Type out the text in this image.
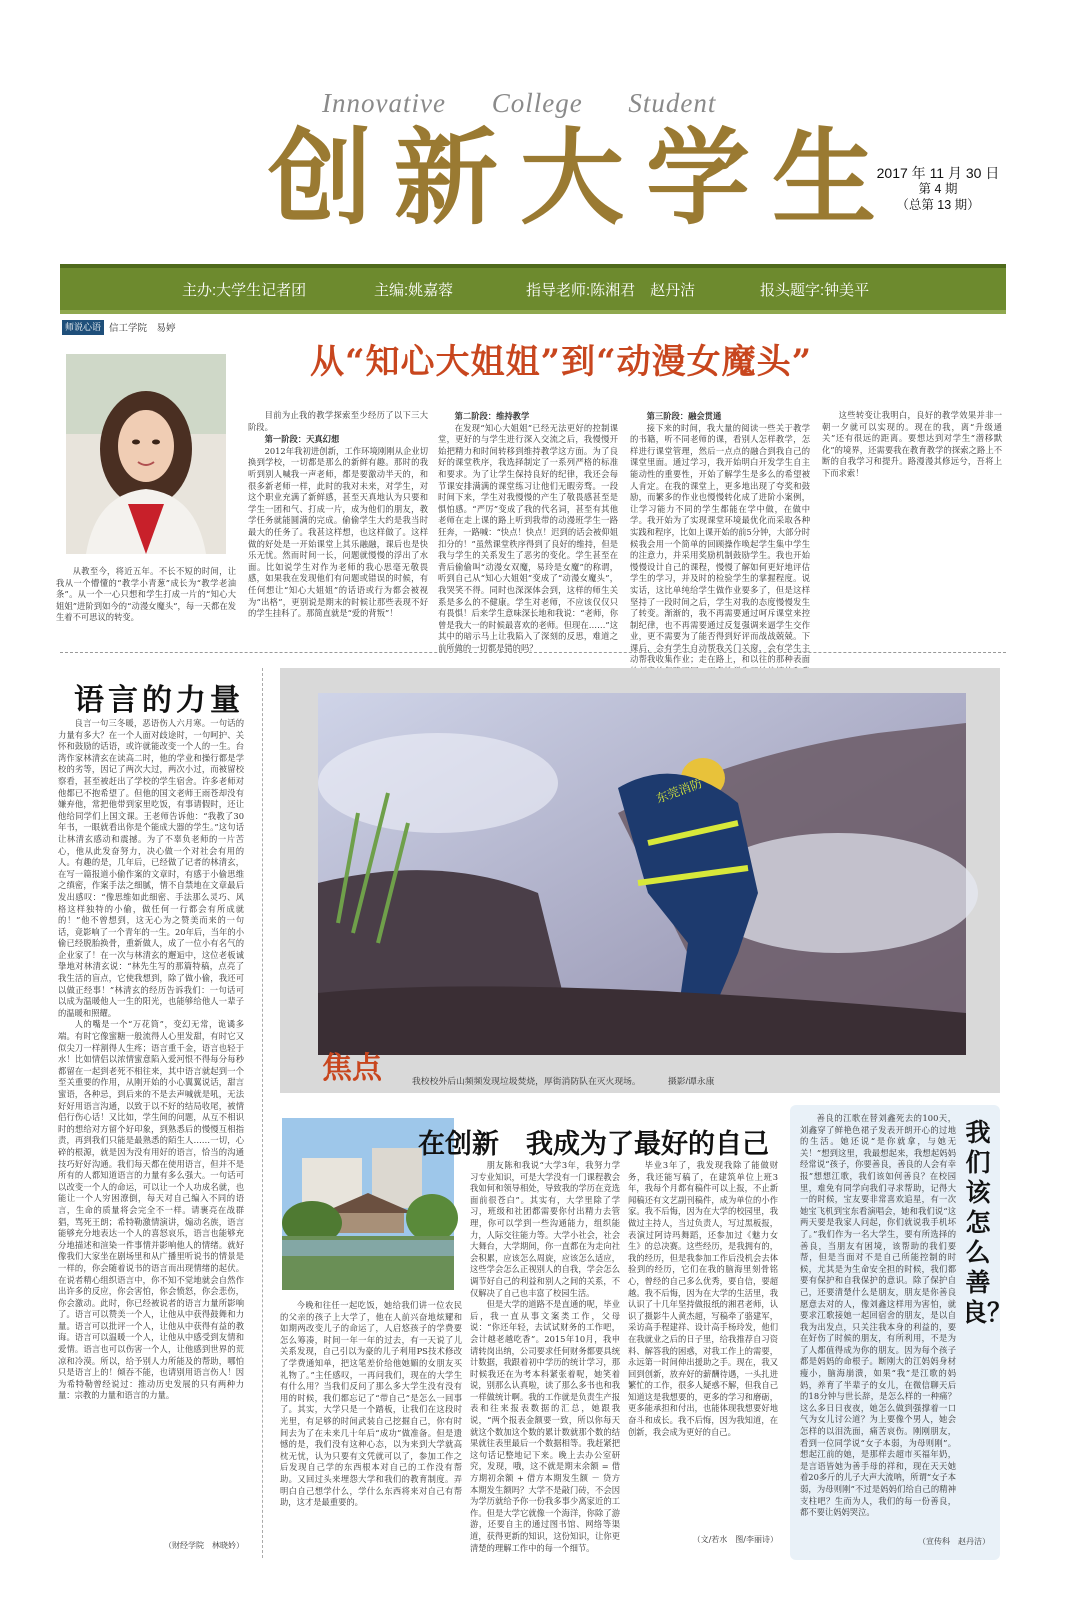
Innovative College Student
创新大学生
2017 年 11 月 30 日
第 4 期
（总第 13 期）
主办:大学生记者团	主编:姚嘉蓉	指导老师:陈湘君　赵丹洁	报头题字:钟美平
师说心语 信工学院　易婷
从“知心大姐姐”到“动漫女魔头”

从教至今，将近五年。不长不短的时间，让我从一个懵懂的“教学小青葱”成长为“教学老油条”。从一个一心只想和学生打成一片的“知心大姐姐”进阶到如今的“动漫女魔头”，每一天都在发生着不可思议的转变。

目前为止我的教学探索至少经历了以下三大阶段。

第一阶段：天真幻想

2012年我初进创新，工作环境刚刚从企业切换到学校，一切都是那么的新鲜有趣。那时的我听到别人喊我一声老师，都是要激动半天的，和很多新老师一样，此时的我对未来，对学生，对这个职业充满了新鲜感，甚至天真地认为只要和学生一团和气、打成一片，成为他们的朋友，教学任务就能圆满的完成。偷偷学生大约是我当时最大的任务了。我甚这样想，也这样做了。这样做的好处是一开始课堂上其乐融融，课后也是快乐无忧。然而时间一长，问题就慢慢的浮出了水面。比如说学生对作为老师的我心思毫无敬畏感，如果我在发现他们有问题或错误的时候，有任何想让“知心大姐姐”的话语或行为都会被视为“出格”，更别说是期末的时候让那些表现不好的学生挂科了。那简直就是“爱的背叛”！

第二阶段：维持教学

在发现“知心大姐姐”已经无法更好的控制课堂，更好的与学生进行深入交流之后，我慢慢开始把精力和时间转移到维持教学这方面。为了良好的课堂秩序，我选择制定了一系列严格的标准和要求。为了让学生保持良好的纪律，我还会每节课安排满满的课堂练习让他们无暇旁骛。一段时间下来，学生对我慢慢的产生了敬畏感甚至是惧怕感。“严厉”变成了我的代名词，甚至有其他老师在走上课的路上听到我带的动漫班学生一路狂奔，一路喊：“快点！快点！迟到的话会被仰姐扣分的！”虽然课堂秩序得到了良好的维持，但是我与学生的关系发生了恶劣的变化。学生甚至在背后偷偷叫“动漫女双魔，易玲是女魔”的称谓，听到自己从“知心大姐姐”变成了“动漫女魔头”，我哭笑不得。同时也深深体会到，这样的师生关系是多么的不健康。学生对老师，不应该仅仅只有畏惧！后来学生意味深长地和我说：“老师，你曾是我大一的时候最喜欢的老师。但现在……”这其中的暗示马上让我陷入了深刻的反思，难道之前所做的一切都是错的吗？

第三阶段：融会贯通

接下来的时间，我大量的阅读一些关于教学的书籍，听不同老师的课，看别人怎样教学，怎样进行课堂管理，然后一点点的融合到我自己的课堂里面。通过学习，我开始明白开发学生自主能动性的重要性，开始了解学生是多么的希望被人肯定。在我的课堂上，更多地出现了夸奖和鼓励，而繁多的作业也慢慢转化成了进阶小案例，让学习能力不同的学生都能在学中做，在做中学。我开始为了实现课堂环境最优化而采取各种实践和程序，比如上课开始的前5分钟，大部分时候我会用一个简单的回顾操作唤起学生集中学生的注意力，并采用奖励机制鼓励学生。我也开始慢慢设计自己的课程，慢慢了解如何更好地评估学生的学习，并及时的检验学生的掌握程度。说实话，这比单纯给学生做作业要多了，但是这样坚持了一段时间之后，学生对我的态度慢慢发生了转变。渐渐的，我不再需要通过呵斥课堂来控制纪律，也不再需要通过反复强调来逼学生交作业，更不需要为了能否得到好评而战战兢兢。下课后，会有学生自动帮我关门关窗，会有学生主动帮我收集作业；走在路上，和以往的那种表面

这些转变让我明白，良好的教学效果并非一朝一夕就可以实现的。现在的我，离“升级通关”还有很远的距离。要想达到对学生“潜移默化”的境界，还需要我在教育教学的探索之路上不断的自我学习和提升。路漫漫其修远兮，吾将上下而求索！

语言的力量

良言一句三冬暖，恶语伤人六月寒。一句话的力量有多大？在一个人面对歧途时，一句呵护、关怀和鼓励的话语，或许就能改变一个人的一生。台湾作家林清玄在读高二时，他的学业和操行都是学校的劣等，因记了两次大过，两次小过，而被留校察看，甚至被赶出了学校的学生宿舍。许多老师对他都已不抱希望了。但他的国文老师王雨苍却没有嫌弃他，常把他带到家里吃饭，有事请假时，还让他给同学们上国文课。王老师告诉他：“我教了30年书，一眼就看出你是个能成大器的学生。”这句话让林清玄感动和震撼。为了不辜负老师的一片苦心，他从此发奋努力，决心做一个对社会有用的人。有趣的是，几年后，已经做了记者的林清玄，在写一篇报道小偷作案的文章时，有感于小偷思维之缜密，作案手法之细腻，情不自禁地在文章最后发出感叹：“像思维如此细密、手法那么灵巧、风格这样独特的小偷，做任何一行都会有所成就的！”他不曾想到，这无心为之赞美而来的一句话，竟影响了一个青年的一生。20年后，当年的小偷已经脱胎换骨，重新做人，成了一位小有名气的企业家了！在一次与林清玄的邂逅中，这位老板诚挚地对林清玄说：“林先生写的那篇特稿，点亮了我生活的盲点，它使我想到，除了做小偷，我还可以做正经事！”林清玄的经历告诉我们：一句话可以成为温暖他人一生的阳光，也能够给他人一辈子的温暖和照耀。

人的嘴是一个“万花筒”，变幻无常，诡谲多端。有时它像蜜糖一般流得人心里发甜，有时它又似尖刀一样割得人生疼；语言重千金，语言也轻于水！比如情侣以浓情蜜意陷入爱河恨不得每分每秒都留在一起到老死不相往来，其中语言就起到一个至关重要的作用，从刚开始的小心翼翼说话，甜言蜜语，各种忌，到后来的不是去声喊就是吼，无法好好用语言沟通，以致于以不好的结局收尾，被情侣行伤心话！又比如，学生间的问题，从互不相识时的想给对方留个好印象，到熟悉后的慢慢互相指责，再到我们只能是最熟悉的陌生人……一切，心碎的根源，就是因为没有用好的语言，恰当的沟通技巧好好沟通。我们每天都在使用语言，但并不是所有的人都知道语言的力量有多么强大。一句话可以改变一个人的命运，可以让一个人功成名就，也能让一个人穷困潦倒，每天对自己编入不同的语言，生命的质量将会完全不一样。请裹亮在战群猖，骂死王朗；希特勒激情演讲，煽动名族，语言能够充分地表达一个人的喜怒哀乐，语言也能够充分地描述和渲染一件事情并影响他人的情绪。就好像我们大家坐在剧场里和从广播里听说书的情景是一样的，你会随着说书的语言而出现情绪的起伏。在说者精心组织语言中，你不知不觉地就会自然作出许多的反应，你会害怕，你会愤怒，你会悲伤，你会激动。此时，你已经被说者的语言力量所影响了。语言可以赞美一个人，让他从中获得鼓舞和力量。语言可以批评一个人，让他从中获得有益的教诲。语言可以温暖一个人，让他从中感受到友情和爱情。语言也可以伤害一个人，让他感到世界的荒凉和冷漠。所以，给予别人力所能及的帮助，哪怕只是语言上的！倾吞不能，也请别用语言伤人！因为希特勒曾经说过：推动历史发展的只有两种力量：宗教的力量和语言的力量。

（财经学院　林晓妗）
东莞消防
焦点	我校校外后山频频发现垃圾焚烧，厚街消防队在灭火现场。	摄影/谭永康
在创新　我成为了最好的自己

今晚和往任一起吃饭，她给我们讲一位农民的父亲的孩子上大学了，他在人前兴奋地炫耀和如期两改变儿子的命运了，人启悠孩子的学费要怎么筹凑，时间一年一年的过去，有一天说了儿关系发现，自己引以为豪的儿子利用PS技术修改了学费通知单，把这笔差价给他她媚的女朋友买礼物了。”主任感叹，一再问我们，现在的大学生有什么用？当我们反问了那么多大学生没有没有用的时候，我们都忘记了“带自己”是怎么一回事了。其实，大学只是一个踏板，让我们在这段时光里，有足够的时间武装自己挖掘自己，你有时间去为了在未来几十年后“成功”做准备。但是遗憾的是，我们没有这种心态，以为来到大学就高枕无忧，认为只要有文凭就可以了，参加工作之后发现自己学的东西根本对自己的工作没有帮助。又回过头来埋怨大学和我们的教育制度。弄明白自己想学什么，学什么东西将来对自己有帮助，这才是最重要的。

朋友陈和我说“大学3年，我努力学习专业知识，可是大学没有一门课程教会我如何和领导相处，导致我的学历在竞选面前很苍白”。其实有，大学里除了学习，班级和社团都需要你付出精力去管理，你可以学到一些沟通能力，组织能力，人际交往能力等。大学小社会，社会大舞台，大学期间，你一直都在为走向社会积累，应该怎么周旋，应该怎么适应，这些学会怎么正视别人的自我，学会怎么调节好自己的利益和别人之间的关系，不仅解决了自己也丰富了校园生活。

但是大学的道路不是直通的呢，毕业后，我一直从事文案类工作，父母说：“你还年轻，去试试财务的工作吧，会计越老越吃香”。2015年10月，我申请转岗出纳，公司要求任何财务都要具统计数据，我跟着初中学历的统计学习，那时候我还在为考本科紧张着呢，她笑着说，别那么认真啦，读了那么多书也和我一样做统计啊。我的工作就是负责生产报表和往来报表数据的汇总，她跟我说，“两个报表金额要一致，所以你每天就这个数加这个数的累计数就那个数的结果就往表里最后一个数据相等。我赶紧把这句话记整地记下来。晚上去办公室研究，发现，哦，这不就是期末余额 = 借方期初余额 + 借方本期发生额 － 贷方本期发生额吗？大学不是敲门砖，不会因为学历就给予你一份我多事少离家近的工作。但是大学它就像一个海洋，你除了游游，还要自主的通过图书馆、网络等渠道，获得更新的知识，这份知识，让你更清楚的理解工作中的每一个细节。

毕业3年了，我发现我除了能做财务，我还能写稿了，在建筑单位上班3年，我每个月都有稿件可以上报，不止新闻稿还有文艺副刊稿件，成为单位的小作家。我不后悔，因为在大学的校园里，我做过主持人，当过负责人，写过黑板报，表演过阿诗玛舞蹈，还参加过《魅力女生》的总决赛。这些经历，是我拥有的，我的经历，但是我参加工作后没机会去体验到的经历，它们在我的脑海里刻骨铭心，曾经的自己多么优秀，要自信，要超越。我不后悔，因为在大学的生活里，我认识了十几年坚持做报纸的湘君老师，认识了摄影牛人黄杰超，写稿牵了骆建军，采访高手程建祥、设计高手杨玲发，他们在我就业之后的日子里，给我推荐自习资料、解答我的困惑，对我工作上的需要，永远第一时间伸出援助之手。现在，我又回到创新，放弃好的薪酬待遇，一头扎进繁忙的工作，很多人疑惑不解，但我自己知道这是我想要的，更多的学习和磨砺，更多能承担和付出，也能体现我想要好地奋斗和成长。我不后悔，因为我知道，在创新，我会成为更好的自己。

（文/若水　图/李丽诗）
我们该怎么善良？

善良的江歌在替刘鑫死去的100天，刘鑫穿了鲜艳色裙子发表开朗开心的过地的生活。她还说“是你就拿，与她无关！”想到这里，我最想起来，我想起妈妈经常说“孩子，你要善良，善良的人会有幸报”想想江歌，我们该如何善良？在校园里，难免有同学向我们寻求帮助，记得大一的时候，宝友要非常喜欢追星，有一次她宝飞机到宝东看演唱会，她和我们说“这两天要是我家人问起，你们就说我手机坏了。”我们作为一名大学生，要有所选择的善良，当朋友有困境，该帮助的我们要帮，但是当面对不是自己所能控制的时候，尤其是为生命安全担的时候，我们都要有保护和自我保护的意识。除了保护自己，还要清楚什么是朋友，朋友是你善良愿意去对的人，像刘鑫这样用为害怕，就要求江歌接她一起回宿舍的朋友，是以自我为出发点，只关注我本身的利益的，要在好伤了时候的朋友，有所利用，不是为了人都值得成为你的朋友。因为每个孩子都是妈妈的命根子。断刚大的江妈妈身材瘦小，脑海崩溃，如果“我”是江歌的妈妈，养育了半辈子的女儿，在微信聊天后的18分钟与世长辞，是怎么样的一种痛？这么多日日夜夜，她怎么做到强撑着一口气为女儿讨公道？为上要像个男人，她会怎样的以泪洗面，痛苦哀伤。刚刚朋友，看到一位同学说“女子本弱，为母则刚”。想起江前的她，是那样去超市买福年奶，是言语皆她为善手母的祥和，现在天天她着20多斤的儿子大声大流呐，所谓“女子本弱，为母则刚”不过是妈妈们给自己的精神支柱吧？生而为人，我们的每一份善良，都不要让妈妈哭泣。

（宣传科　赵丹洁）
